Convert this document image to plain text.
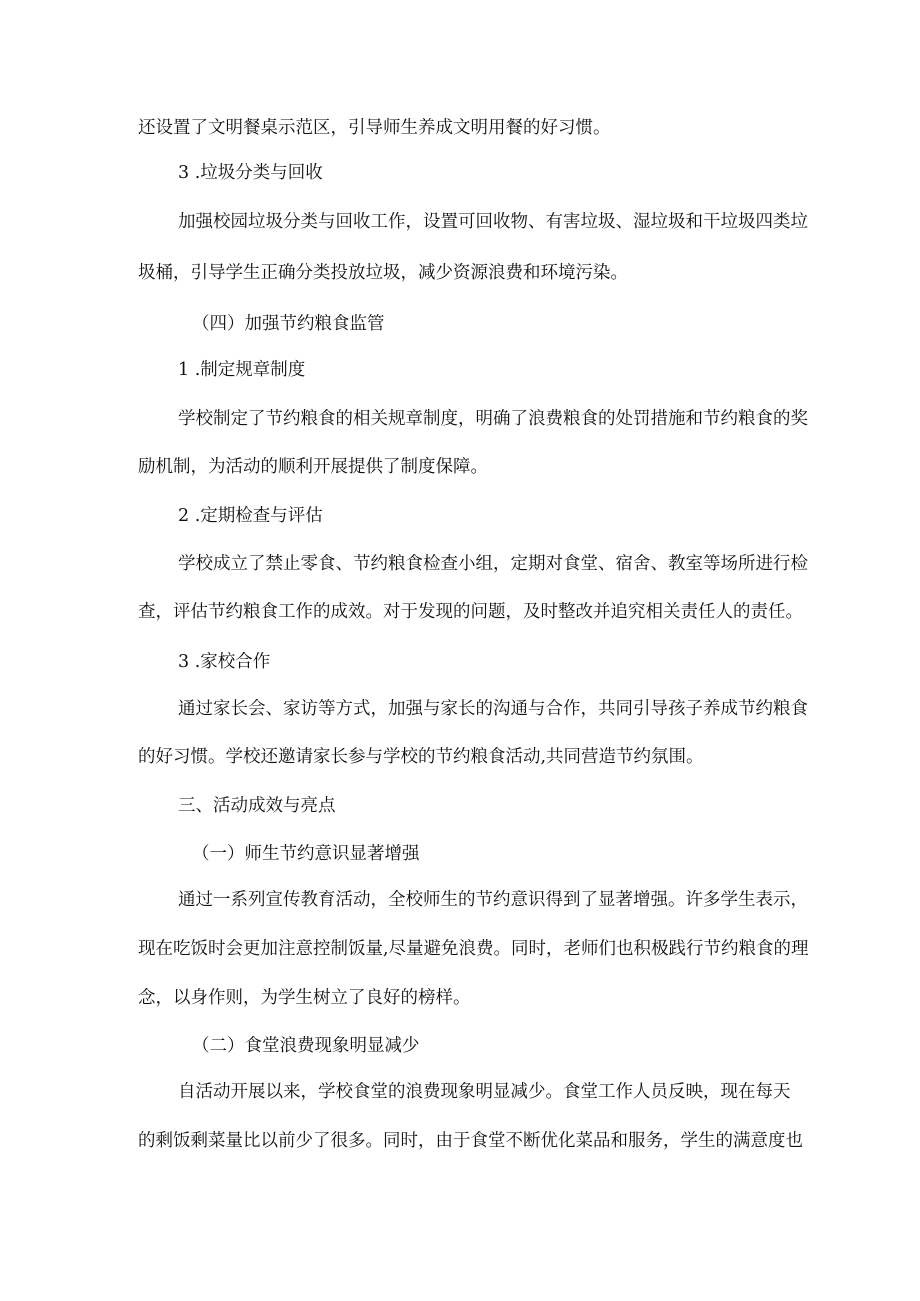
还设置了文明餐桌示范区，引导师生养成文明用餐的好习惯。

3 .垃圾分类与回收

加强校园垃圾分类与回收工作，设置可回收物、有害垃圾、湿垃圾和干垃圾四类垃

圾桶，引导学生正确分类投放垃圾，减少资源浪费和环境污染。

（四）加强节约粮食监管

1 .制定规章制度

学校制定了节约粮食的相关规章制度，明确了浪费粮食的处罚措施和节约粮食的奖

励机制，为活动的顺利开展提供了制度保障。

2 .定期检查与评估

学校成立了禁止零食、节约粮食检查小组，定期对食堂、宿舍、教室等场所进行检

查，评估节约粮食工作的成效。对于发现的问题，及时整改并追究相关责任人的责任。

3 .家校合作

通过家长会、家访等方式，加强与家长的沟通与合作，共同引导孩子养成节约粮食

的好习惯。学校还邀请家长参与学校的节约粮食活动,共同营造节约氛围。

三、活动成效与亮点

（一）师生节约意识显著增强

通过一系列宣传教育活动，全校师生的节约意识得到了显著增强。许多学生表示，

现在吃饭时会更加注意控制饭量,尽量避免浪费。同时，老师们也积极践行节约粮食的理

念，以身作则，为学生树立了良好的榜样。

（二）食堂浪费现象明显减少

自活动开展以来，学校食堂的浪费现象明显减少。食堂工作人员反映，现在每天

的剩饭剩菜量比以前少了很多。同时，由于食堂不断优化菜品和服务，学生的满意度也
